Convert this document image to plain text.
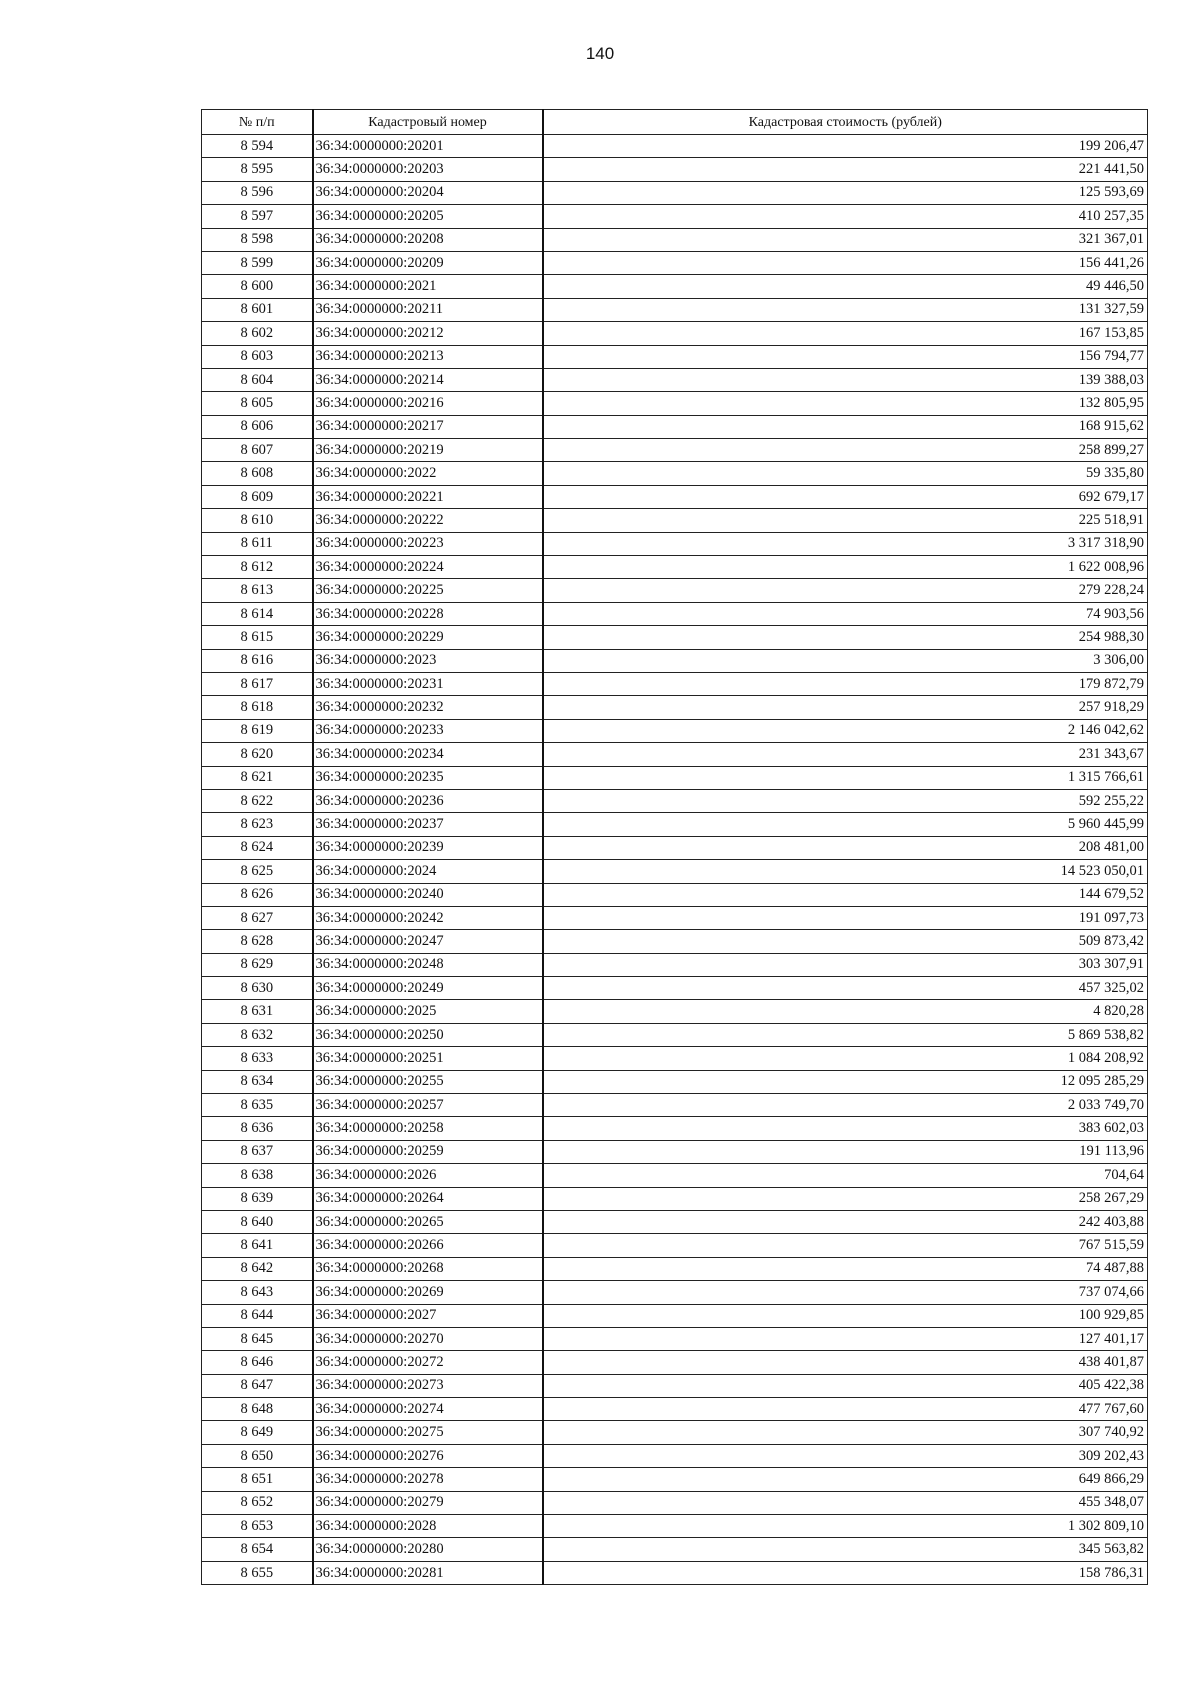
140
№ п/п	Кадастровый номер	Кадастровая стоимость (рублей)
8 594	36:34:0000000:20201	199 206,47
8 595	36:34:0000000:20203	221 441,50
8 596	36:34:0000000:20204	125 593,69
8 597	36:34:0000000:20205	410 257,35
8 598	36:34:0000000:20208	321 367,01
8 599	36:34:0000000:20209	156 441,26
8 600	36:34:0000000:2021	49 446,50
8 601	36:34:0000000:20211	131 327,59
8 602	36:34:0000000:20212	167 153,85
8 603	36:34:0000000:20213	156 794,77
8 604	36:34:0000000:20214	139 388,03
8 605	36:34:0000000:20216	132 805,95
8 606	36:34:0000000:20217	168 915,62
8 607	36:34:0000000:20219	258 899,27
8 608	36:34:0000000:2022	59 335,80
8 609	36:34:0000000:20221	692 679,17
8 610	36:34:0000000:20222	225 518,91
8 611	36:34:0000000:20223	3 317 318,90
8 612	36:34:0000000:20224	1 622 008,96
8 613	36:34:0000000:20225	279 228,24
8 614	36:34:0000000:20228	74 903,56
8 615	36:34:0000000:20229	254 988,30
8 616	36:34:0000000:2023	3 306,00
8 617	36:34:0000000:20231	179 872,79
8 618	36:34:0000000:20232	257 918,29
8 619	36:34:0000000:20233	2 146 042,62
8 620	36:34:0000000:20234	231 343,67
8 621	36:34:0000000:20235	1 315 766,61
8 622	36:34:0000000:20236	592 255,22
8 623	36:34:0000000:20237	5 960 445,99
8 624	36:34:0000000:20239	208 481,00
8 625	36:34:0000000:2024	14 523 050,01
8 626	36:34:0000000:20240	144 679,52
8 627	36:34:0000000:20242	191 097,73
8 628	36:34:0000000:20247	509 873,42
8 629	36:34:0000000:20248	303 307,91
8 630	36:34:0000000:20249	457 325,02
8 631	36:34:0000000:2025	4 820,28
8 632	36:34:0000000:20250	5 869 538,82
8 633	36:34:0000000:20251	1 084 208,92
8 634	36:34:0000000:20255	12 095 285,29
8 635	36:34:0000000:20257	2 033 749,70
8 636	36:34:0000000:20258	383 602,03
8 637	36:34:0000000:20259	191 113,96
8 638	36:34:0000000:2026	704,64
8 639	36:34:0000000:20264	258 267,29
8 640	36:34:0000000:20265	242 403,88
8 641	36:34:0000000:20266	767 515,59
8 642	36:34:0000000:20268	74 487,88
8 643	36:34:0000000:20269	737 074,66
8 644	36:34:0000000:2027	100 929,85
8 645	36:34:0000000:20270	127 401,17
8 646	36:34:0000000:20272	438 401,87
8 647	36:34:0000000:20273	405 422,38
8 648	36:34:0000000:20274	477 767,60
8 649	36:34:0000000:20275	307 740,92
8 650	36:34:0000000:20276	309 202,43
8 651	36:34:0000000:20278	649 866,29
8 652	36:34:0000000:20279	455 348,07
8 653	36:34:0000000:2028	1 302 809,10
8 654	36:34:0000000:20280	345 563,82
8 655	36:34:0000000:20281	158 786,31
